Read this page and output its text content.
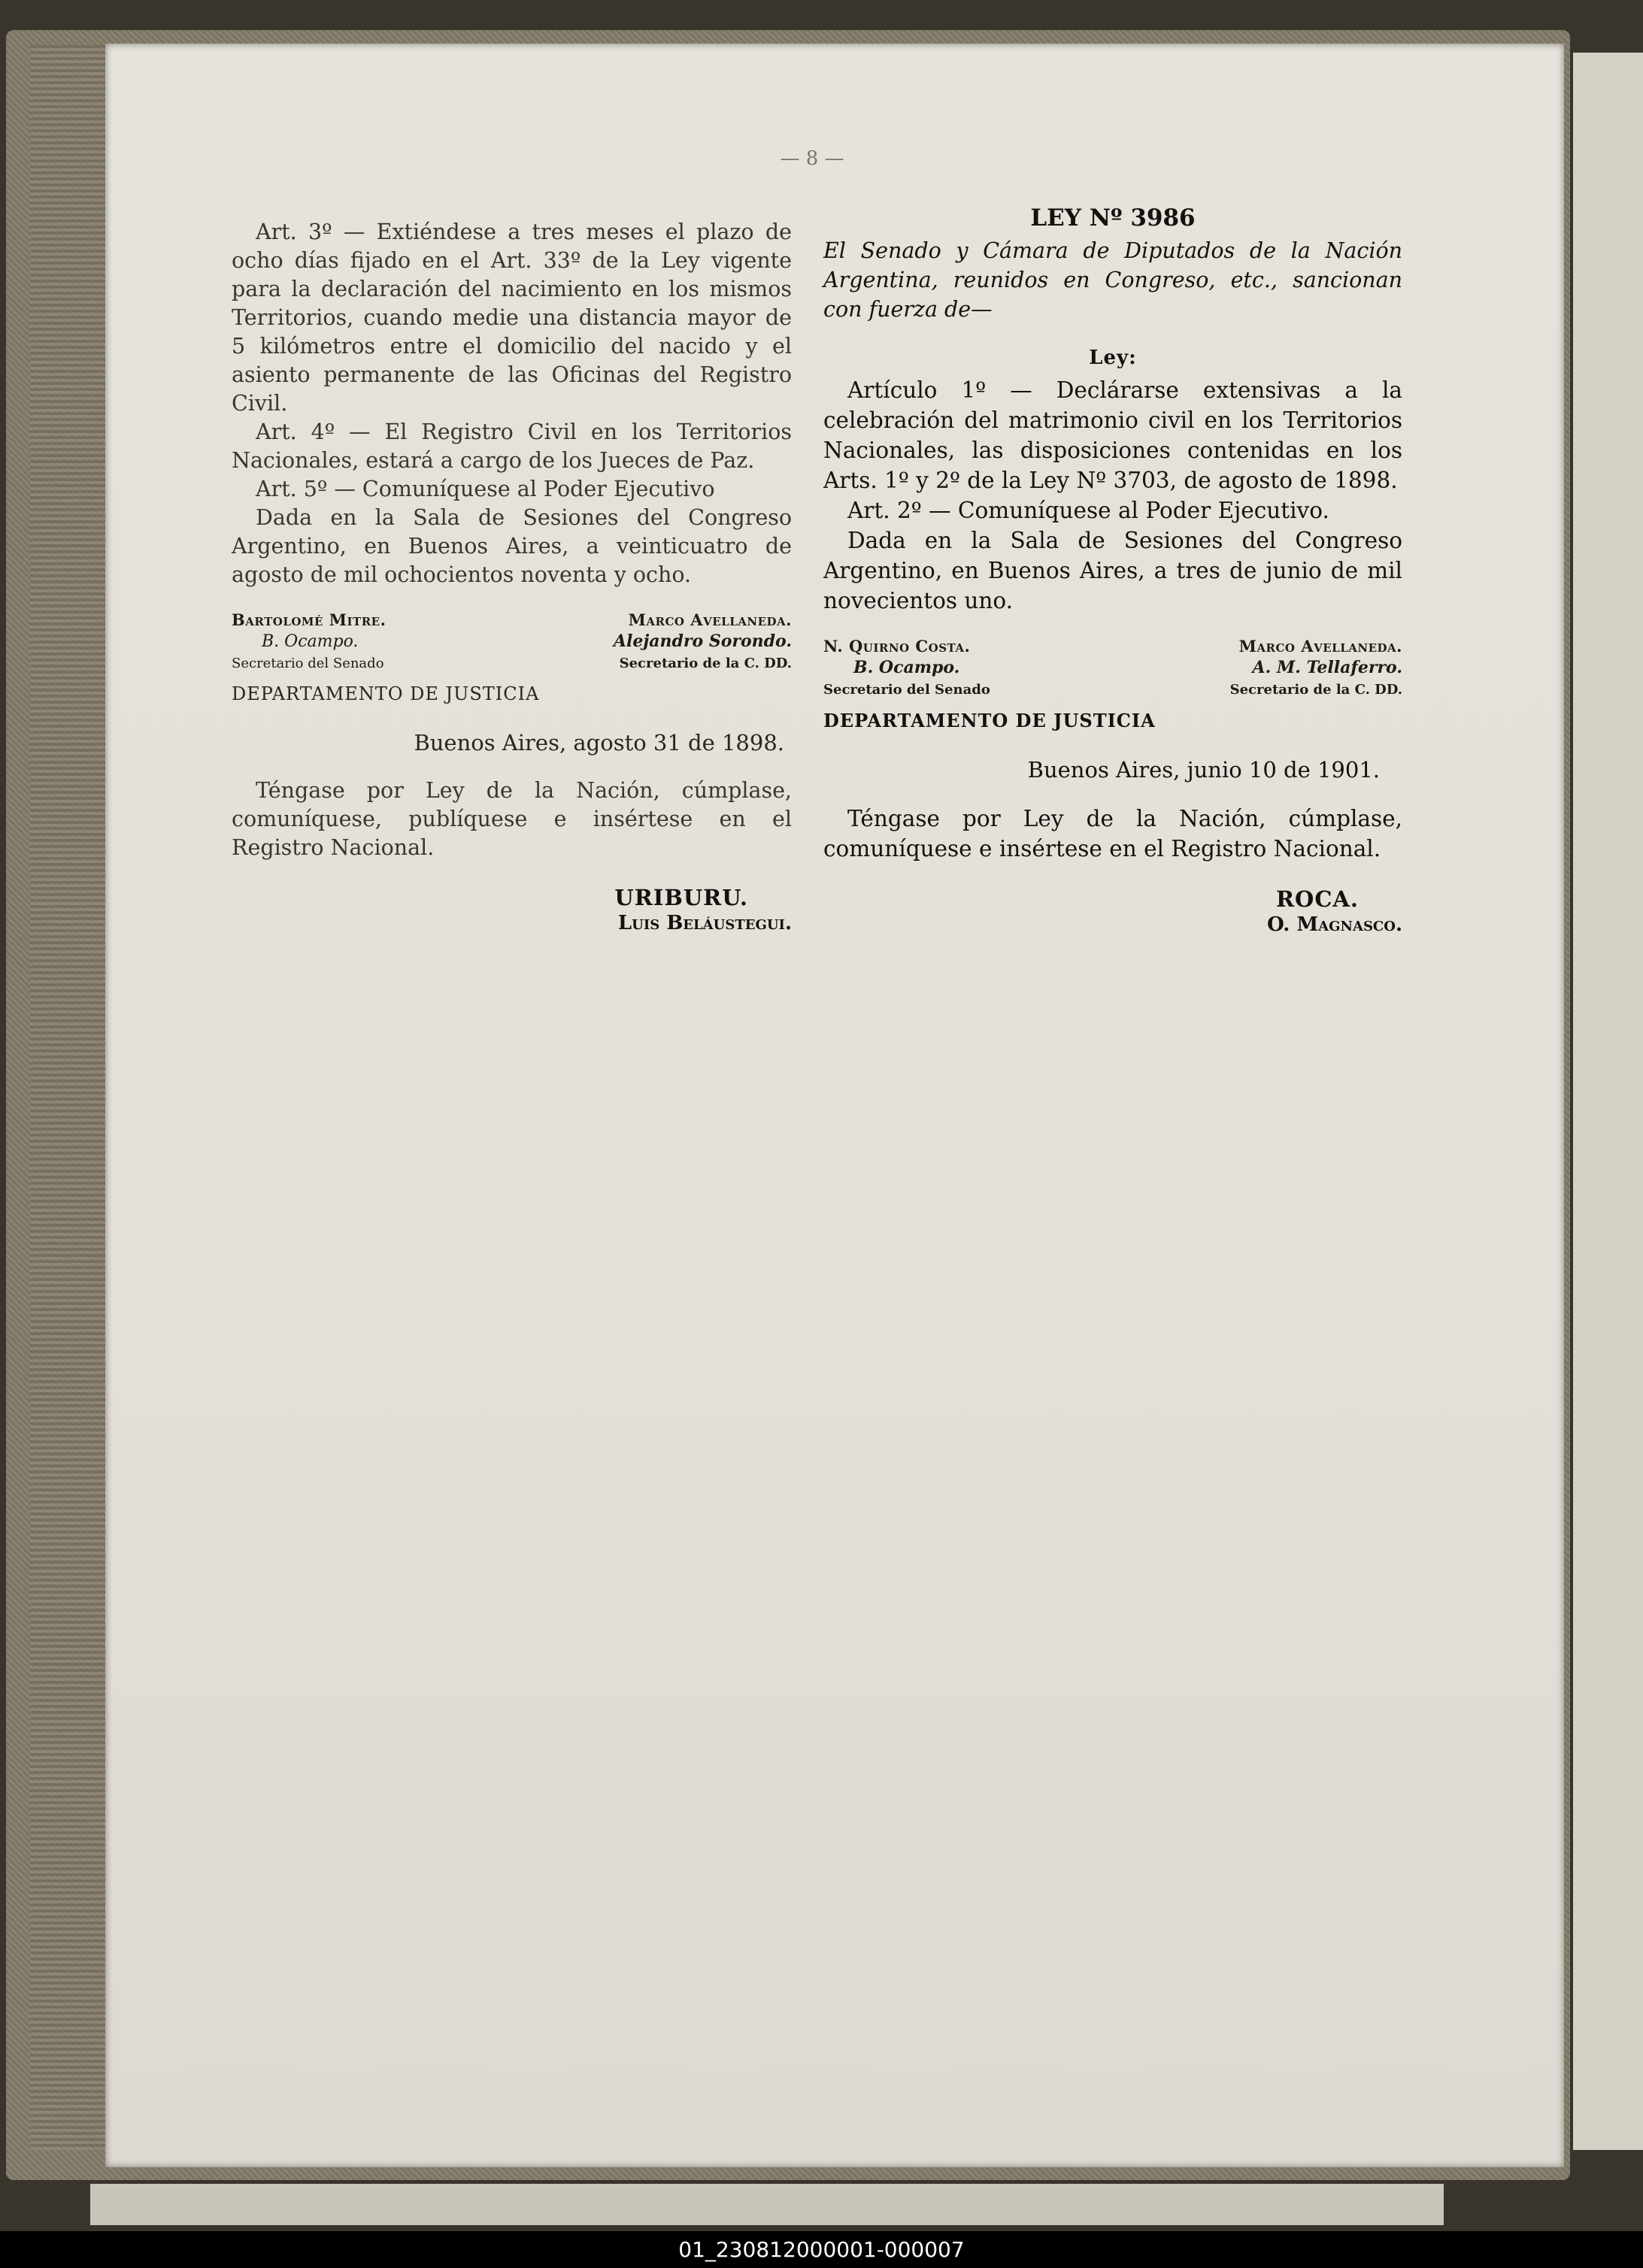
— 8 —

Art. 3º — Extiéndese a tres meses el plazo de ocho días fijado en el Art. 33º de la Ley vigente para la declaración del nacimiento en los mismos Territorios, cuando medie una distancia mayor de 5 kilómetros entre el domicilio del nacido y el asiento permanente de las Oficinas del Registro Civil.

Art. 4º — El Registro Civil en los Territorios Nacionales, estará a cargo de los Jueces de Paz.

Art. 5º — Comuníquese al Poder Ejecutivo

Dada en la Sala de Sesiones del Congreso Argentino, en Buenos Aires, a veinticuatro de agosto de mil ochocientos noventa y ocho.

Bartolomé Mitre.
B. Ocampo.
Secretario del Senado
Marco Avellaneda.
Alejandro Sorondo.
Secretario de la C. DD.
DEPARTAMENTO DE JUSTICIA
Buenos Aires, agosto 31 de 1898.

Téngase por Ley de la Nación, cúmplase, comuníquese, publíquese e insértese en el Registro Nacional.

URIBURU.
Luis Beláustegui.
LEY Nº 3986

El Senado y Cámara de Diputados de la Nación Argentina, reunidos en Congreso, etc., sancionan con fuerza de—

Ley:

Artículo 1º — Declárarse extensivas a la celebración del matrimonio civil en los Territorios Nacionales, las disposiciones contenidas en los Arts. 1º y 2º de la Ley Nº 3703, de agosto de 1898.

Art. 2º — Comuníquese al Poder Ejecutivo.

Dada en la Sala de Sesiones del Congreso Argentino, en Buenos Aires, a tres de junio de mil novecientos uno.

N. Quirno Costa.
B. Ocampo.
Secretario del Senado
Marco Avellaneda.
A. M. Tellaferro.
Secretario de la C. DD.
DEPARTAMENTO DE JUSTICIA
Buenos Aires, junio 10 de 1901.

Téngase por Ley de la Nación, cúmplase, comuníquese e insértese en el Registro Nacional.

ROCA.
O. Magnasco.
01_230812000001-000007
